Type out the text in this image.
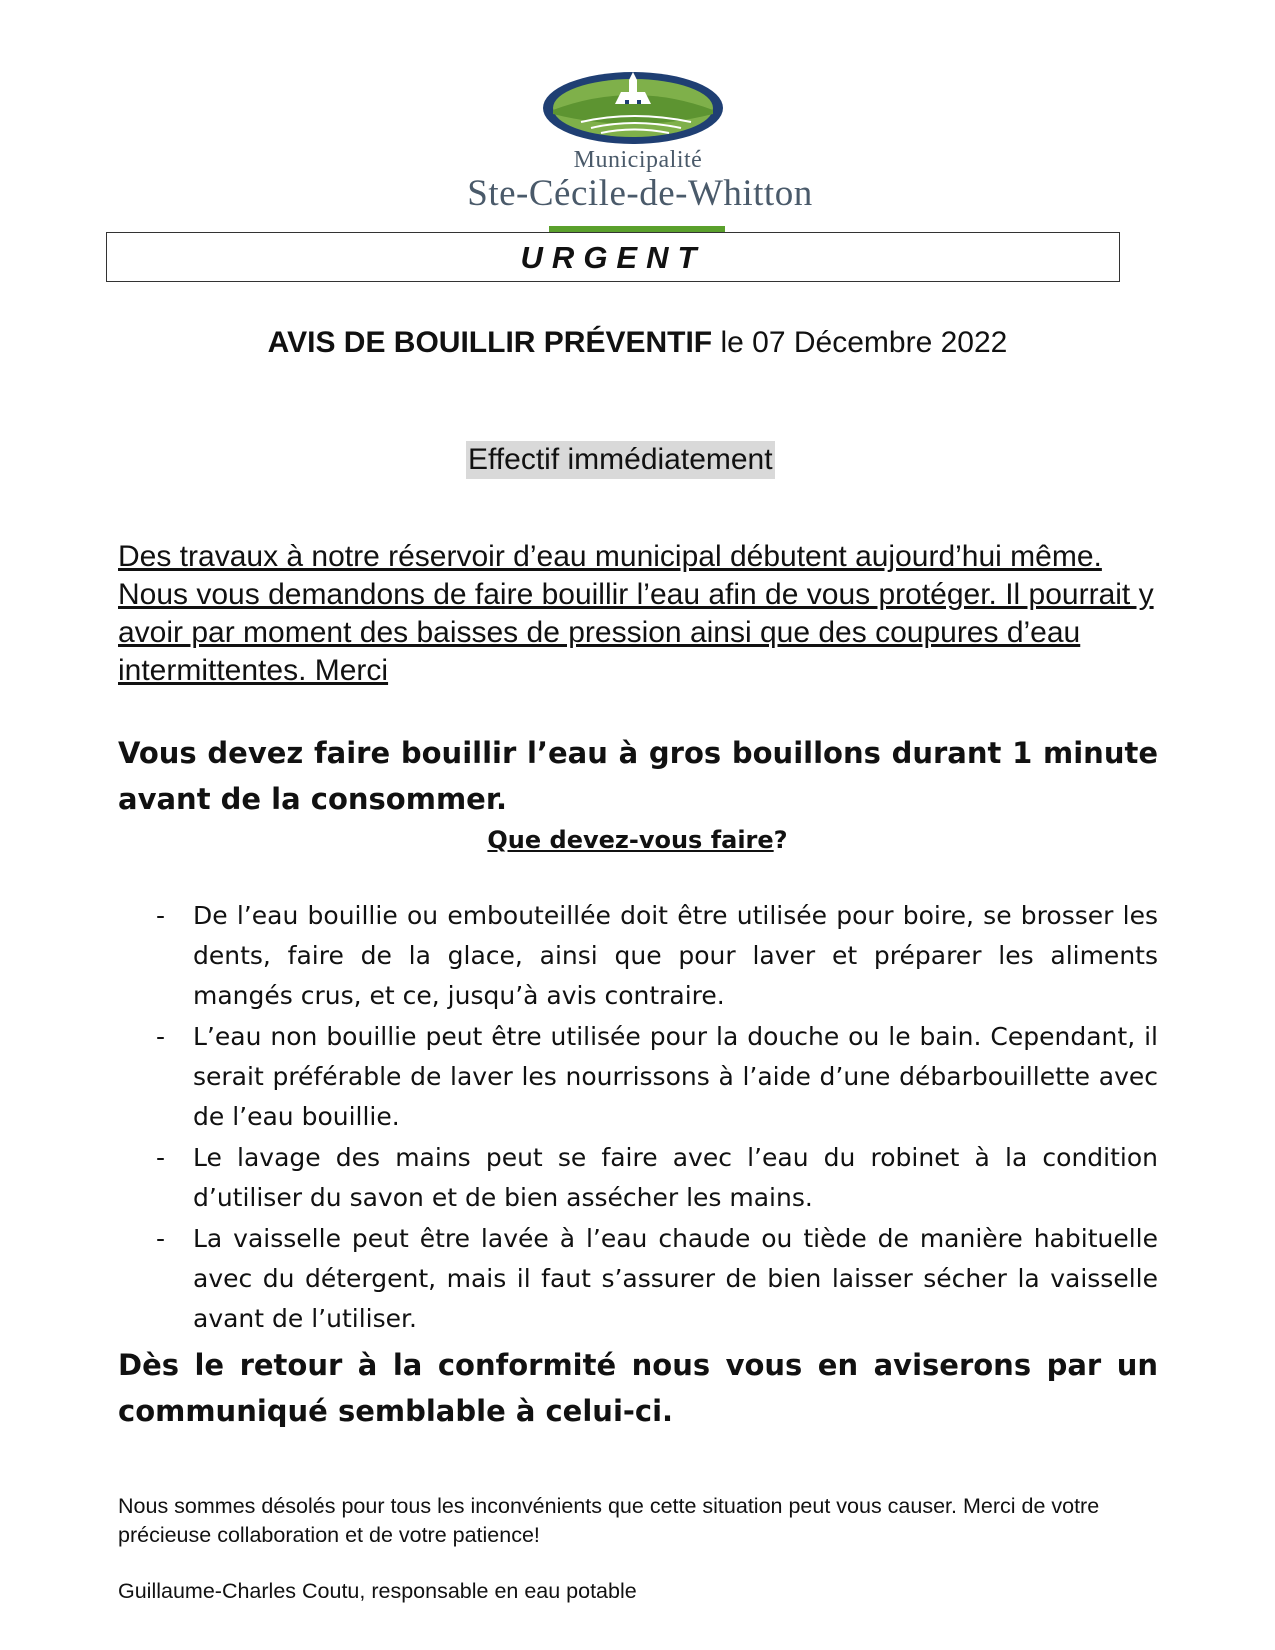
Municipalité
Ste-Cécile-de-Whitton
URGENT
AVIS DE BOUILLIR PRÉVENTIF le 07 Décembre 2022
Effectif immédiatement
Des travaux à notre réservoir d’eau municipal débutent aujourd’hui même. Nous vous demandons de faire bouillir l’eau afin de vous protéger. Il pourrait y avoir par moment des baisses de pression ainsi que des coupures d’eau intermittentes. Merci
Vous devez faire bouillir l’eau à gros bouillons durant 1 minute avant de la consommer.
Que devez-vous faire?
- De l’eau bouillie ou embouteillée doit être utilisée pour boire, se brosser les dents, faire de la glace, ainsi que pour laver et préparer les aliments mangés crus, et ce, jusqu’à avis contraire.
- L’eau non bouillie peut être utilisée pour la douche ou le bain. Cependant, il serait préférable de laver les nourrissons à l’aide d’une débarbouillette avec de l’eau bouillie.
- Le lavage des mains peut se faire avec l’eau du robinet à la condition d’utiliser du savon et de bien assécher les mains.
- La vaisselle peut être lavée à l’eau chaude ou tiède de manière habituelle avec du détergent, mais il faut s’assurer de bien laisser sécher la vaisselle avant de l’utiliser.
Dès le retour à la conformité nous vous en aviserons par un communiqué semblable à celui-ci.
Nous sommes désolés pour tous les inconvénients que cette situation peut vous causer. Merci de votre précieuse collaboration et de votre patience!
Guillaume-Charles Coutu, responsable en eau potable
